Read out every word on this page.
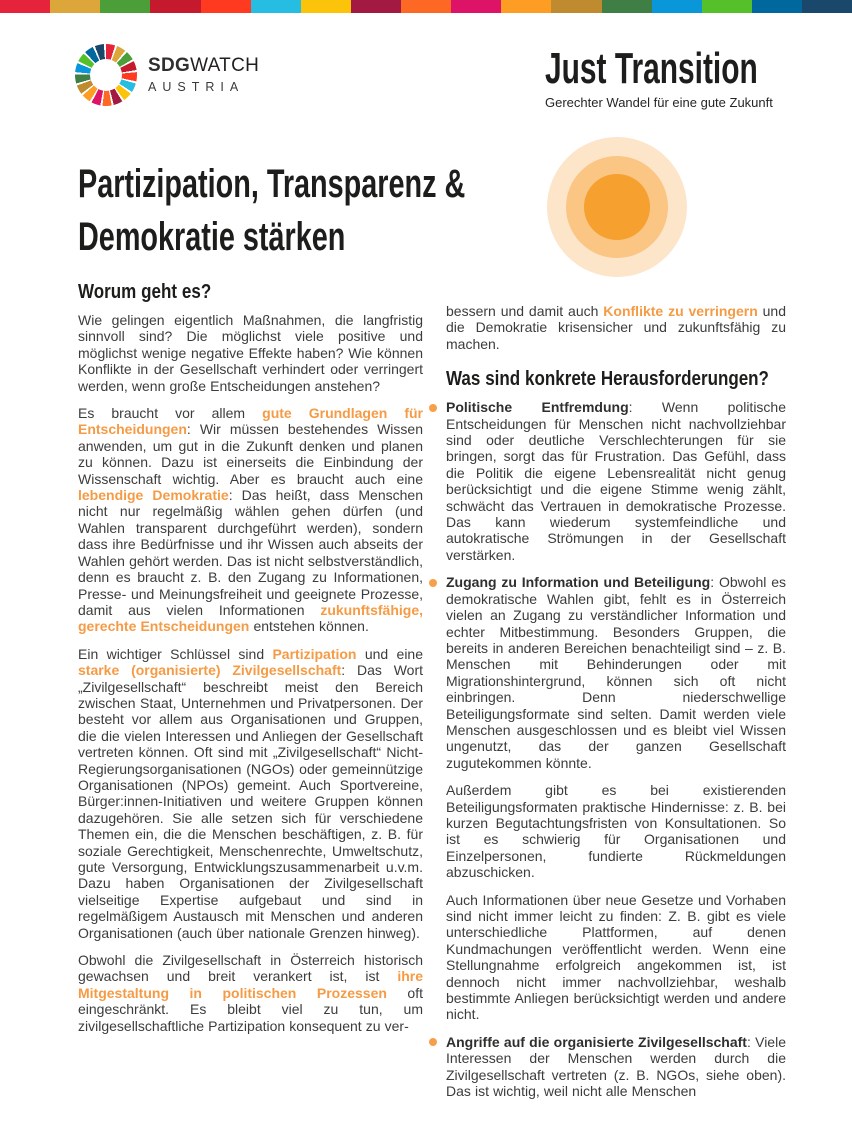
SDGWATCH
AUSTRIA	Just Transition
Gerechter Wandel für eine gute Zukunft
Partizipation, Transparenz &
Demokratie stärken
Worum geht es?

Wie gelingen eigentlich Maßnahmen, die langfristig sinnvoll sind? Die möglichst viele positive und möglichst wenige negative Effekte haben? Wie können Konflikte in der Gesellschaft verhindert oder verringert werden, wenn große Entscheidungen anstehen?

Es braucht vor allem gute Grundlagen für Entscheidungen: Wir müssen bestehendes Wissen anwenden, um gut in die Zukunft denken und planen zu können. Dazu ist einerseits die Einbindung der Wissenschaft wichtig. Aber es braucht auch eine lebendige Demokratie: Das heißt, dass Menschen nicht nur regelmäßig wählen gehen dürfen (und Wahlen transparent durchgeführt werden), sondern dass ihre Bedürfnisse und ihr Wissen auch abseits der Wahlen gehört werden. Das ist nicht selbstverständlich, denn es braucht z. B. den Zugang zu Informationen, Presse- und Meinungsfreiheit und geeignete Prozesse, damit aus vielen Informationen zukunftsfähige, gerechte Entscheidungen entstehen können.

Ein wichtiger Schlüssel sind Partizipation und eine starke (organisierte) Zivilgesellschaft: Das Wort „Zivilgesellschaft“ beschreibt meist den Bereich zwischen Staat, Unternehmen und Privatpersonen. Der besteht vor allem aus Organisationen und Gruppen, die die vielen Interessen und Anliegen der Gesellschaft vertreten können. Oft sind mit „Zivilgesellschaft“ Nicht-Regierungsorganisationen (NGOs) oder gemeinnützige Organisationen (NPOs) gemeint. Auch Sportvereine, Bürger:innen-Initiativen und weitere Gruppen können dazugehören. Sie alle setzen sich für verschiedene Themen ein, die die Menschen beschäftigen, z. B. für soziale Gerechtigkeit, Menschenrechte, Umweltschutz, gute Versorgung, Entwicklungszusammenarbeit u.v.m. Dazu haben Organisationen der Zivilgesellschaft vielseitige Expertise aufgebaut und sind in regelmäßigem Austausch mit Menschen und anderen Organisationen (auch über nationale Grenzen hinweg).

Obwohl die Zivilgesellschaft in Österreich historisch gewachsen und breit verankert ist, ist ihre Mitgestaltung in politischen Prozessen oft eingeschränkt. Es bleibt viel zu tun, um zivilgesellschaftliche Partizipation konsequent zu ver-

bessern und damit auch Konflikte zu verringern und die Demokratie krisensicher und zukunftsfähig zu machen.

Was sind konkrete Herausforderungen?

Politische Entfremdung: Wenn politische Entscheidungen für Menschen nicht nachvollziehbar sind oder deutliche Verschlechterungen für sie bringen, sorgt das für Frustration. Das Gefühl, dass die Politik die eigene Lebensrealität nicht genug berücksichtigt und die eigene Stimme wenig zählt, schwächt das Vertrauen in demokratische Prozesse. Das kann wiederum systemfeindliche und autokratische Strömungen in der Gesellschaft verstärken.

Zugang zu Information und Beteiligung: Obwohl es demokratische Wahlen gibt, fehlt es in Österreich vielen an Zugang zu verständlicher Information und echter Mitbestimmung. Besonders Gruppen, die bereits in anderen Bereichen benachteiligt sind – z. B. Menschen mit Behinderungen oder mit Migrationshintergrund, können sich oft nicht einbringen. Denn niederschwellige Beteiligungsformate sind selten. Damit werden viele Menschen ausgeschlossen und es bleibt viel Wissen ungenutzt, das der ganzen Gesellschaft zugutekommen könnte.

Außerdem gibt es bei existierenden Beteiligungsformaten praktische Hindernisse: z. B. bei kurzen Begutachtungsfristen von Konsultationen. So ist es schwierig für Organisationen und Einzelpersonen, fundierte Rückmeldungen abzuschicken.

Auch Informationen über neue Gesetze und Vorhaben sind nicht immer leicht zu finden: Z. B. gibt es viele unterschiedliche Plattformen, auf denen Kundmachungen veröffentlicht werden. Wenn eine Stellungnahme erfolgreich angekommen ist, ist dennoch nicht immer nachvollziehbar, weshalb bestimmte Anliegen berücksichtigt werden und andere nicht.

Angriffe auf die organisierte Zivilgesellschaft: Viele Interessen der Menschen werden durch die Zivilgesellschaft vertreten (z. B. NGOs, siehe oben). Das ist wichtig, weil nicht alle Menschen
